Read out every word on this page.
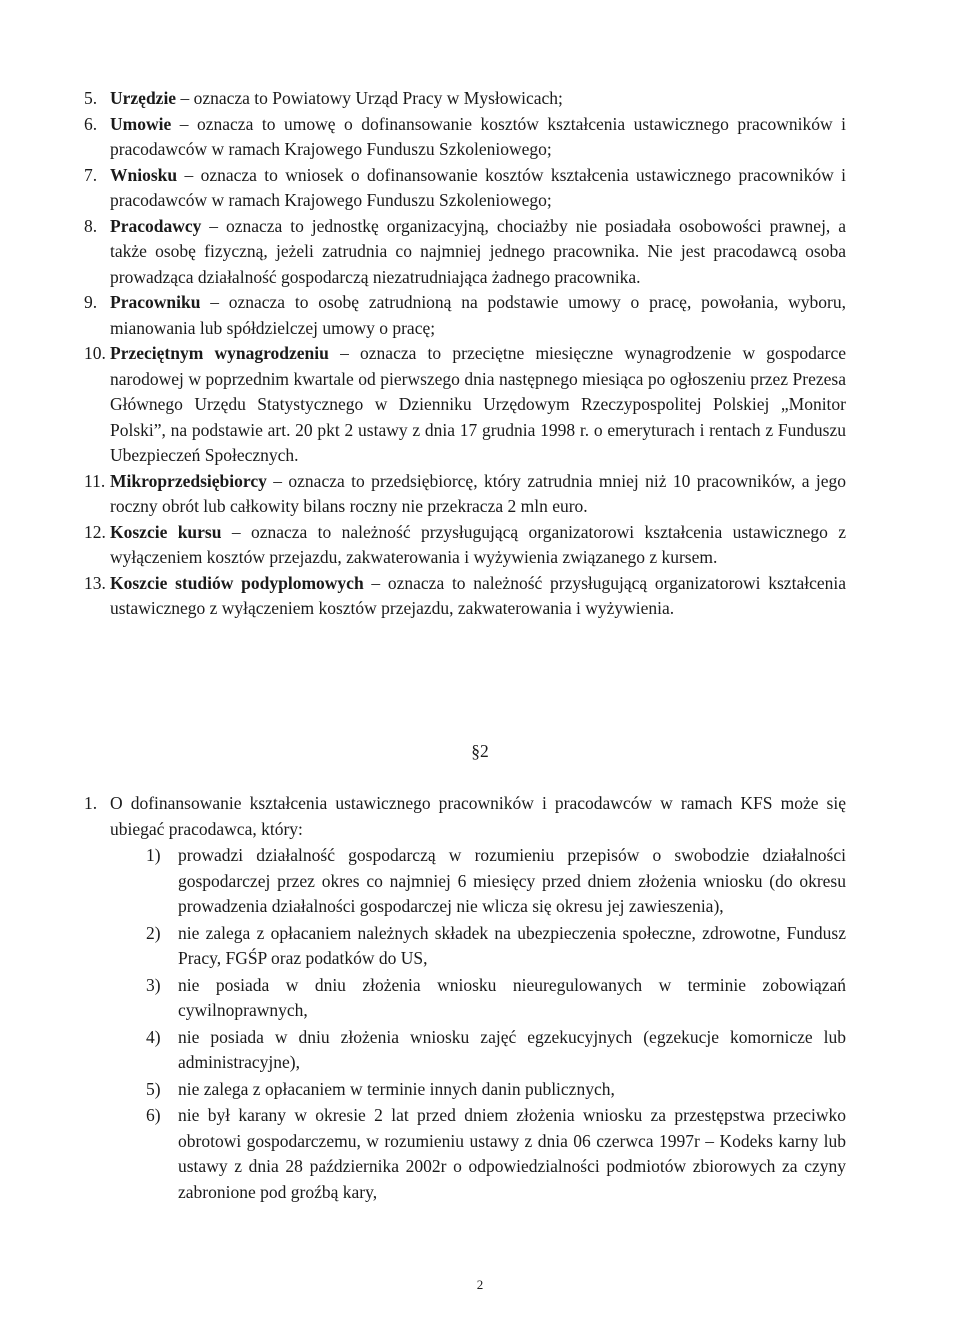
5. Urzędzie – oznacza to Powiatowy Urząd Pracy w Mysłowicach;
6. Umowie – oznacza to umowę o dofinansowanie kosztów kształcenia ustawicznego pracowników i pracodawców w ramach Krajowego Funduszu Szkoleniowego;
7. Wniosku – oznacza to wniosek o dofinansowanie kosztów kształcenia ustawicznego pracowników i pracodawców w ramach Krajowego Funduszu Szkoleniowego;
8. Pracodawcy – oznacza to jednostkę organizacyjną, chociażby nie posiadała osobowości prawnej, a także osobę fizyczną, jeżeli zatrudnia co najmniej jednego pracownika. Nie jest pracodawcą osoba prowadząca działalność gospodarczą niezatrudniająca żadnego pracownika.
9. Pracowniku – oznacza to osobę zatrudnioną na podstawie umowy o pracę, powołania, wyboru, mianowania lub spółdzielczej umowy o pracę;
10. Przeciętnym wynagrodzeniu – oznacza to przeciętne miesięczne wynagrodzenie w gospodarce narodowej w poprzednim kwartale od pierwszego dnia następnego miesiąca po ogłoszeniu przez Prezesa Głównego Urzędu Statystycznego w Dzienniku Urzędowym Rzeczypospolitej Polskiej „Monitor Polski”, na podstawie art. 20 pkt 2 ustawy z dnia 17 grudnia 1998 r. o emeryturach i rentach z Funduszu Ubezpieczeń Społecznych.
11. Mikroprzedsiębiorcy – oznacza to przedsiębiorcę, który zatrudnia mniej niż 10 pracowników, a jego roczny obrót lub całkowity bilans roczny nie przekracza 2 mln euro.
12. Koszcie kursu – oznacza to należność przysługującą organizatorowi kształcenia ustawicznego z wyłączeniem kosztów przejazdu, zakwaterowania i wyżywienia związanego z kursem.
13. Koszcie studiów podyplomowych – oznacza to należność przysługującą organizatorowi kształcenia ustawicznego z wyłączeniem kosztów przejazdu, zakwaterowania i wyżywienia.
§2
1. O dofinansowanie kształcenia ustawicznego pracowników i pracodawców w ramach KFS może się ubiegać pracodawca, który:
1) prowadzi działalność gospodarczą w rozumieniu przepisów o swobodzie działalności gospodarczej przez okres co najmniej 6 miesięcy przed dniem złożenia wniosku (do okresu prowadzenia działalności gospodarczej nie wlicza się okresu jej zawieszenia),
2) nie zalega z opłacaniem należnych składek na ubezpieczenia społeczne, zdrowotne, Fundusz Pracy, FGŚP oraz podatków do US,
3) nie posiada w dniu złożenia wniosku nieuregulowanych w terminie zobowiązań cywilnoprawnych,
4) nie posiada w dniu złożenia wniosku zajęć egzekucyjnych (egzekucje komornicze lub administracyjne),
5) nie zalega z opłacaniem w terminie innych danin publicznych,
6) nie był karany w okresie 2 lat przed dniem złożenia wniosku za przestępstwa przeciwko obrotowi gospodarczemu, w rozumieniu ustawy z dnia 06 czerwca 1997r – Kodeks karny lub ustawy z dnia 28 października 2002r o odpowiedzialności podmiotów zbiorowych za czyny zabronione pod groźbą kary,
2
